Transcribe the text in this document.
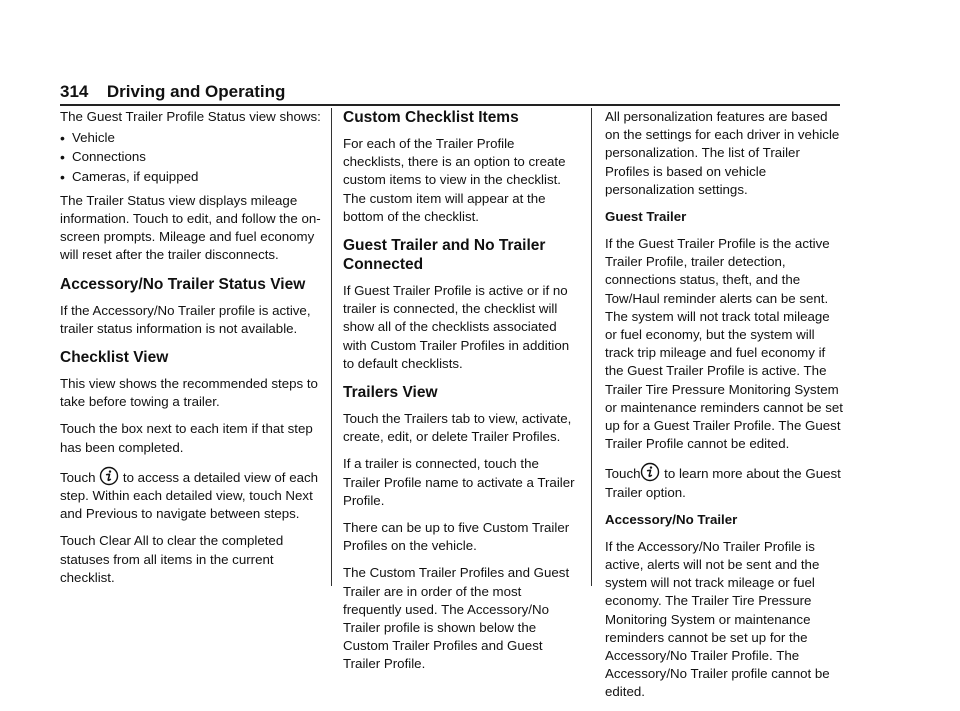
314 Driving and Operating

The Guest Trailer Profile Status view shows:

• Vehicle
• Connections
• Cameras, if equipped

The Trailer Status view displays mileage information. Touch to edit, and follow the on-screen prompts. Mileage and fuel economy will reset after the trailer disconnects.

Accessory/No Trailer Status View

If the Accessory/No Trailer profile is active, trailer status information is not available.

Checklist View

This view shows the recommended steps to take before towing a trailer.

Touch the box next to each item if that step has been completed.

Touch
to access a detailed view of each step. Within each detailed view, touch Next and Previous to navigate between steps.

Touch Clear All to clear the completed statuses from all items in the current checklist.

Custom Checklist Items

For each of the Trailer Profile checklists, there is an option to create custom items to view in the checklist. The custom item will appear at the bottom of the checklist.

Guest Trailer and No Trailer Connected

If Guest Trailer Profile is active or if no trailer is connected, the checklist will show all of the checklists associated with Custom Trailer Profiles in addition to default checklists.

Trailers View

Touch the Trailers tab to view, activate, create, edit, or delete Trailer Profiles.

If a trailer is connected, touch the Trailer Profile name to activate a Trailer Profile.

There can be up to five Custom Trailer Profiles on the vehicle.

The Custom Trailer Profiles and Guest Trailer are in order of the most frequently used. The Accessory/No Trailer profile is shown below the Custom Trailer Profiles and Guest Trailer Profile.

All personalization features are based on the settings for each driver in vehicle personalization. The list of Trailer Profiles is based on vehicle personalization settings.

Guest Trailer

If the Guest Trailer Profile is the active Trailer Profile, trailer detection, connections status, theft, and the Tow/Haul reminder alerts can be sent. The system will not track total mileage or fuel economy, but the system will track trip mileage and fuel economy if the Guest Trailer Profile is active. The Trailer Tire Pressure Monitoring System or maintenance reminders cannot be set up for a Guest Trailer Profile. The Guest Trailer Profile cannot be edited.

Touch
to learn more about the Guest Trailer option.

Accessory/No Trailer

If the Accessory/No Trailer Profile is active, alerts will not be sent and the system will not track mileage or fuel economy. The Trailer Tire Pressure Monitoring System or maintenance reminders cannot be set up for the Accessory/No Trailer Profile. The Accessory/No Trailer profile cannot be edited.
